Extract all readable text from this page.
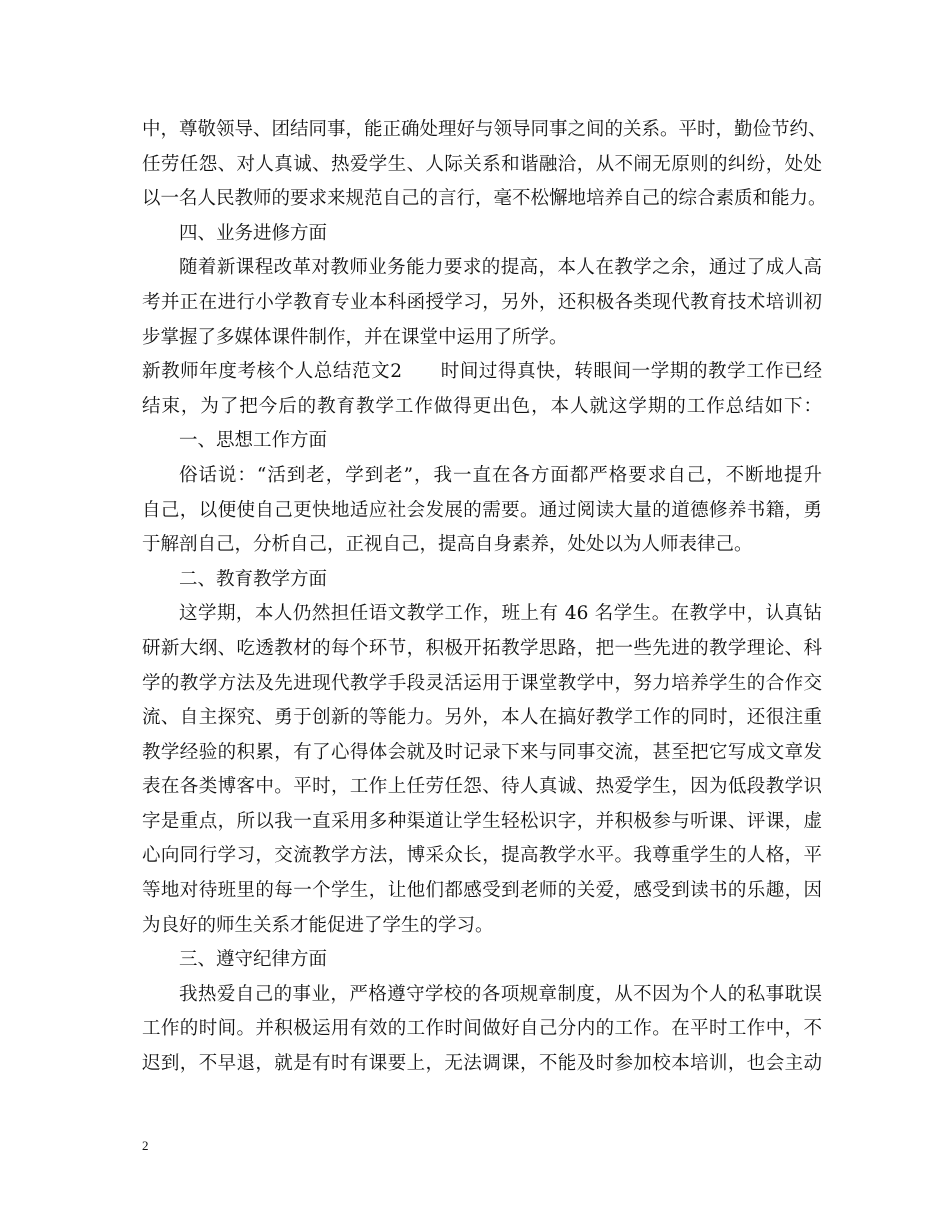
中，尊敬领导、团结同事，能正确处理好与领导同事之间的关系。平时，勤俭节约、
任劳任怨、对人真诚、热爱学生、人际关系和谐融洽，从不闹无原则的纠纷，处处
以一名人民教师的要求来规范自己的言行，毫不松懈地培养自己的综合素质和能力。
四、业务进修方面
随着新课程改革对教师业务能力要求的提高，本人在教学之余，通过了成人高
考并正在进行小学教育专业本科函授学习，另外，还积极各类现代教育技术培训初
步掌握了多媒体课件制作，并在课堂中运用了所学。
新教师年度考核个人总结范文2　　时间过得真快，转眼间一学期的教学工作已经
结束，为了把今后的教育教学工作做得更出色，本人就这学期的工作总结如下：
一、思想工作方面
俗话说：“活到老，学到老”，我一直在各方面都严格要求自己，不断地提升
自己，以便使自己更快地适应社会发展的需要。通过阅读大量的道德修养书籍，勇
于解剖自己，分析自己，正视自己，提高自身素养，处处以为人师表律己。
二、教育教学方面
这学期，本人仍然担任语文教学工作，班上有 46 名学生。在教学中，认真钻
研新大纲、吃透教材的每个环节，积极开拓教学思路，把一些先进的教学理论、科
学的教学方法及先进现代教学手段灵活运用于课堂教学中，努力培养学生的合作交
流、自主探究、勇于创新的等能力。另外，本人在搞好教学工作的同时，还很注重
教学经验的积累，有了心得体会就及时记录下来与同事交流，甚至把它写成文章发
表在各类博客中。平时，工作上任劳任怨、待人真诚、热爱学生，因为低段教学识
字是重点，所以我一直采用多种渠道让学生轻松识字，并积极参与听课、评课，虚
心向同行学习，交流教学方法，博采众长，提高教学水平。我尊重学生的人格，平
等地对待班里的每一个学生，让他们都感受到老师的关爱，感受到读书的乐趣，因
为良好的师生关系才能促进了学生的学习。
三、遵守纪律方面
我热爱自己的事业，严格遵守学校的各项规章制度，从不因为个人的私事耽误
工作的时间。并积极运用有效的工作时间做好自己分内的工作。在平时工作中，不
迟到，不早退，就是有时有课要上，无法调课，不能及时参加校本培训，也会主动
2
